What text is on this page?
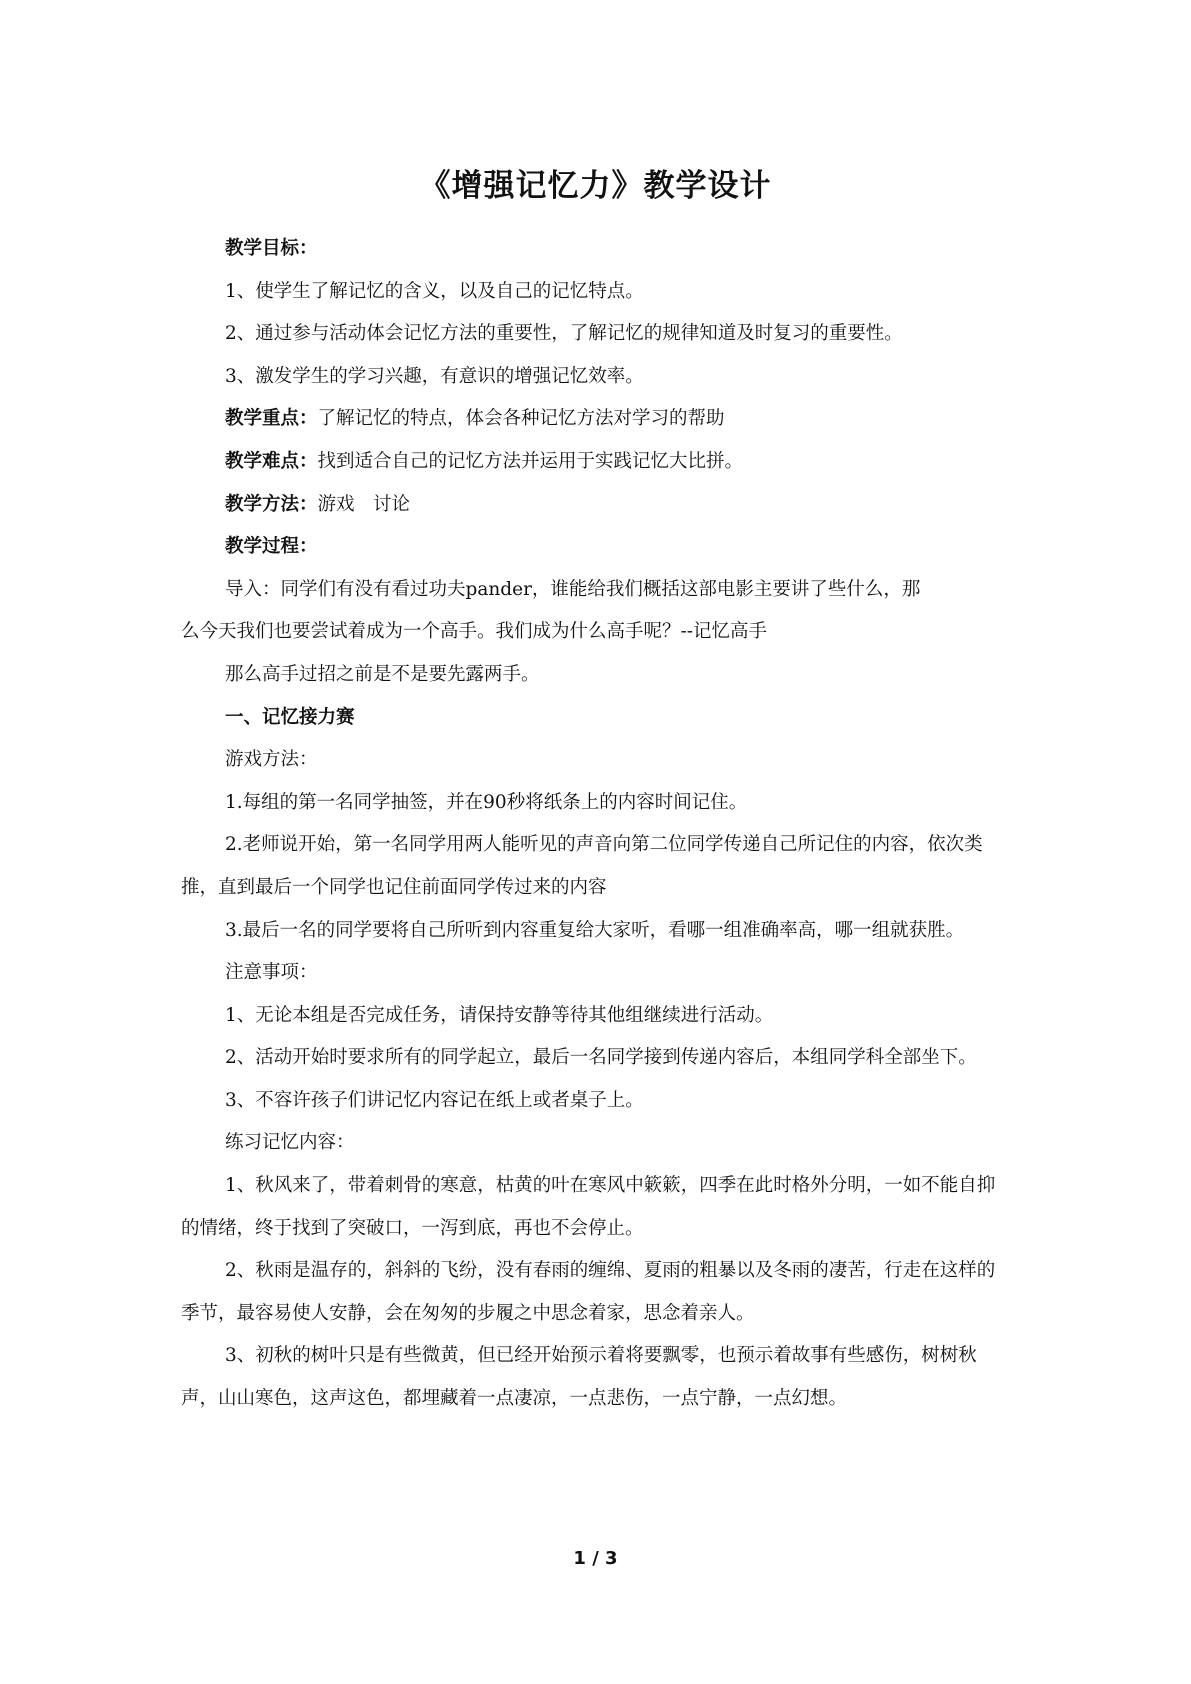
《增强记忆力》教学设计

教学目标：

1、使学生了解记忆的含义，以及自己的记忆特点。

2、通过参与活动体会记忆方法的重要性，了解记忆的规律知道及时复习的重要性。

3、激发学生的学习兴趣，有意识的增强记忆效率。

教学重点：了解记忆的特点，体会各种记忆方法对学习的帮助

教学难点：找到适合自己的记忆方法并运用于实践记忆大比拼。

教学方法：游戏　讨论

教学过程：

导入：同学们有没有看过功夫pander，谁能给我们概括这部电影主要讲了些什么，那

么今天我们也要尝试着成为一个高手。我们成为什么高手呢？--记忆高手

那么高手过招之前是不是要先露两手。

一、记忆接力赛

游戏方法：

1.每组的第一名同学抽签，并在90秒将纸条上的内容时间记住。

2.老师说开始，第一名同学用两人能听见的声音向第二位同学传递自己所记住的内容，依次类推，直到最后一个同学也记住前面同学传过来的内容

3.最后一名的同学要将自己所听到内容重复给大家听，看哪一组准确率高，哪一组就获胜。

注意事项：

1、无论本组是否完成任务，请保持安静等待其他组继续进行活动。

2、活动开始时要求所有的同学起立，最后一名同学接到传递内容后，本组同学科全部坐下。

3、不容许孩子们讲记忆内容记在纸上或者桌子上。

练习记忆内容：

1、秋风来了，带着刺骨的寒意，枯黄的叶在寒风中簌簌，四季在此时格外分明，一如不能自抑的情绪，终于找到了突破口，一泻到底，再也不会停止。

2、秋雨是温存的，斜斜的飞纷，没有春雨的缠绵、夏雨的粗暴以及冬雨的凄苦，行走在这样的季节，最容易使人安静，会在匆匆的步履之中思念着家，思念着亲人。

3、初秋的树叶只是有些微黄，但已经开始预示着将要飘零，也预示着故事有些感伤，树树秋声，山山寒色，这声这色，都埋藏着一点凄凉，一点悲伤，一点宁静，一点幻想。

1 / 3
